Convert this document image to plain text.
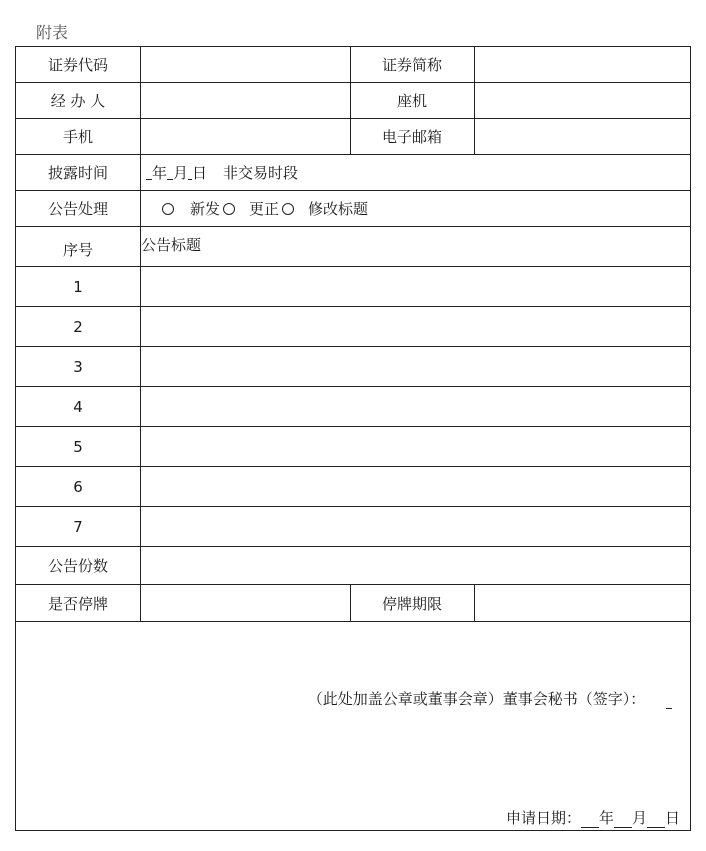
附表
证券代码	证券简称
经 办 人	座机
手机	电子邮箱
披露时间	年 月 日 非交易时段
公告处理	新发 更正 修改标题
序号	公告标题
1
2
3
4
5
6
7
公告份数
是否停牌	停牌期限
（此处加盖公章或董事会章）董事会秘书（签字）：
申请日期： 年 月 日
